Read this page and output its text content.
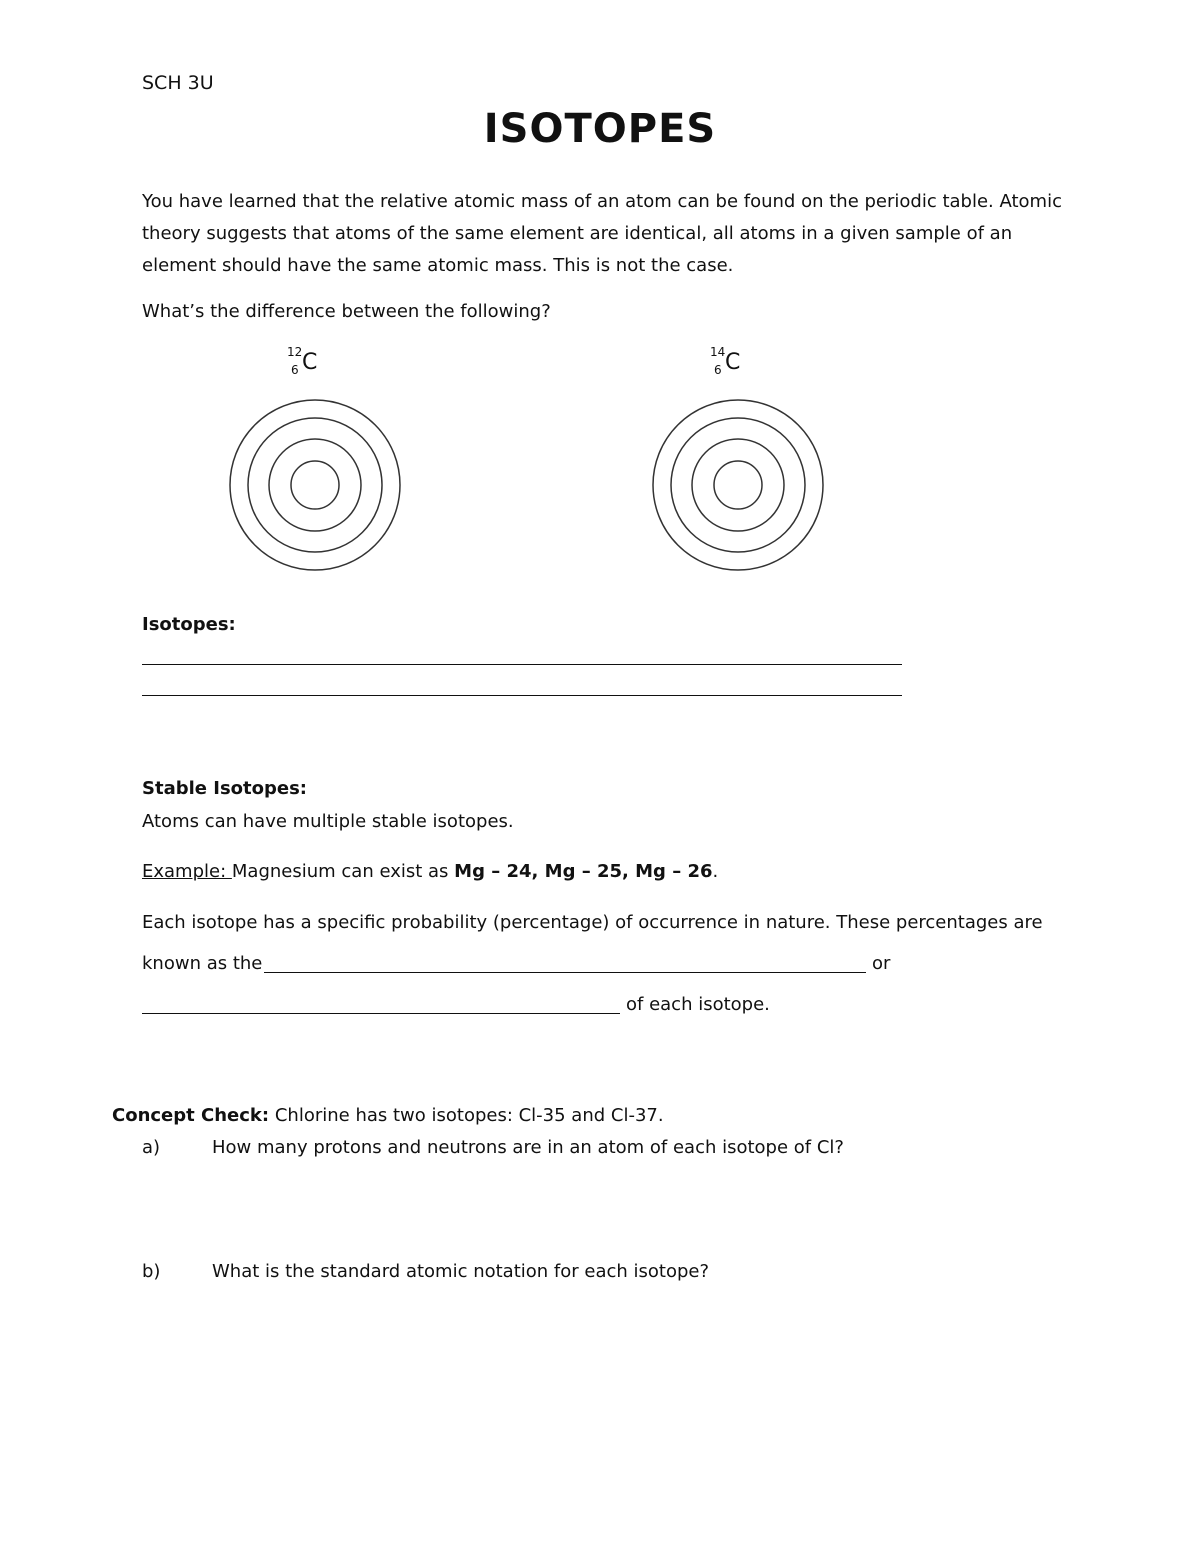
SCH 3U
ISOTOPES
You have learned that the relative atomic mass of an atom can be found on the periodic table. Atomic theory suggests that atoms of the same element are identical, all atoms in a given sample of an element should have the same atomic mass. This is not the case.
What’s the difference between the following?
12
6 C	14
6 C
Isotopes:
Stable Isotopes:
Atoms can have multiple stable isotopes.
Example: Magnesium can exist as Mg – 24, Mg – 25, Mg – 26.
Each isotope has a specific probability (percentage) of occurrence in nature. These percentages are
known as the	or
of each isotope.
Concept Check: Chlorine has two isotopes: Cl-35 and Cl-37.
a)	How many protons and neutrons are in an atom of each isotope of Cl?
b)	What is the standard atomic notation for each isotope?
